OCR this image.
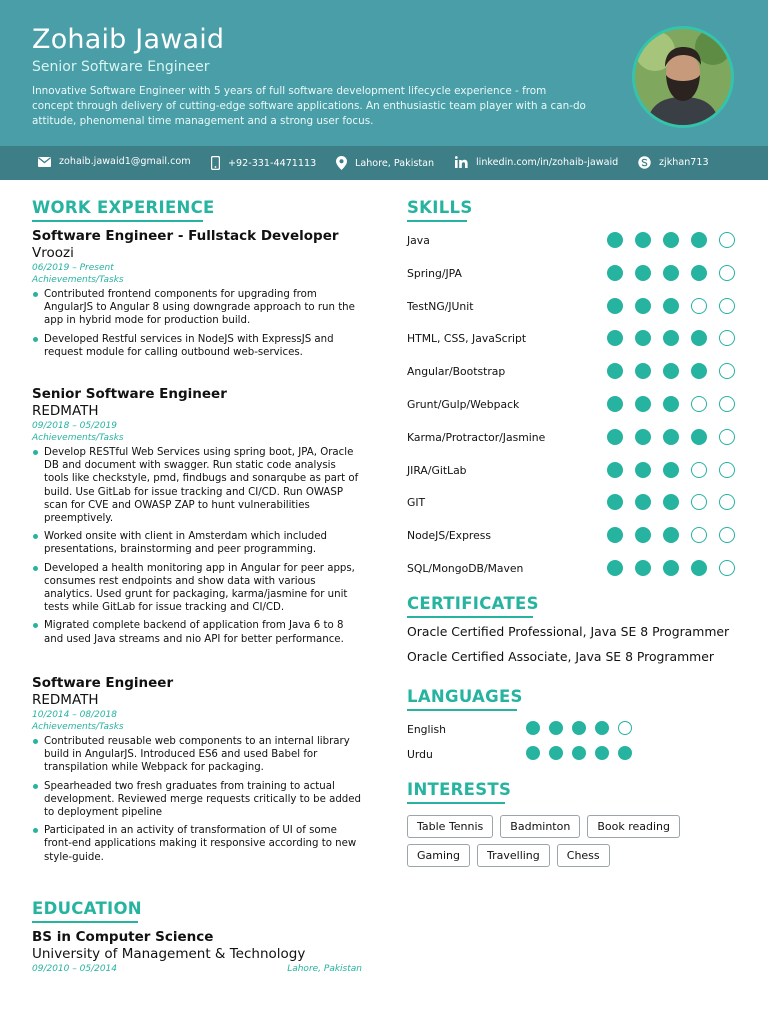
Zohaib Jawaid
Senior Software Engineer
Innovative Software Engineer with 5 years of full software development lifecycle experience - from concept through delivery of cutting-edge software applications. An enthusiastic team player with a can-do attitude, phenomenal time management and a strong user focus.
zohaib.jawaid1@gmail.com	+92-331-4471113	Lahore, Pakistan	linkedin.com/in/zohaib-jawaid	zjkhan713
WORK EXPERIENCE
Software Engineer - Fullstack Developer
Vroozi
06/2019 – Present
Achievements/Tasks
Contributed frontend components for upgrading from AngularJS to Angular 8 using downgrade approach to run the app in hybrid mode for production build.
Developed Restful services in NodeJS with ExpressJS and request module for calling outbound web-services.
Senior Software Engineer
REDMATH
09/2018 – 05/2019
Achievements/Tasks
Develop RESTful Web Services using spring boot, JPA, Oracle DB and document with swagger. Run static code analysis tools like checkstyle, pmd, findbugs and sonarqube as part of build. Use GitLab for issue tracking and CI/CD. Run OWASP scan for CVE and OWASP ZAP to hunt vulnerabilities preemptively.
Worked onsite with client in Amsterdam which included presentations, brainstorming and peer programming.
Developed a health monitoring app in Angular for peer apps, consumes rest endpoints and show data with various analytics. Used grunt for packaging, karma/jasmine for unit tests while GitLab for issue tracking and CI/CD.
Migrated complete backend of application from Java 6 to 8 and used Java streams and nio API for better performance.
Software Engineer
REDMATH
10/2014 – 08/2018
Achievements/Tasks
Contributed reusable web components to an internal library build in AngularJS. Introduced ES6 and used Babel for transpilation while Webpack for packaging.
Spearheaded two fresh graduates from training to actual development. Reviewed merge requests critically to be added to deployment pipeline
Participated in an activity of transformation of UI of some front-end applications making it responsive according to new style-guide.
EDUCATION
BS in Computer Science
University of Management & Technology
09/2010 – 05/2014	Lahore, Pakistan
SKILLS
Java
Spring/JPA
TestNG/JUnit
HTML, CSS, JavaScript
Angular/Bootstrap
Grunt/Gulp/Webpack
Karma/Protractor/Jasmine
JIRA/GitLab
GIT
NodeJS/Express
SQL/MongoDB/Maven
CERTIFICATES
Oracle Certified Professional, Java SE 8 Programmer
Oracle Certified Associate, Java SE 8 Programmer
LANGUAGES
English
Urdu
INTERESTS
Table Tennis	Badminton	Book reading
Gaming	Travelling	Chess
